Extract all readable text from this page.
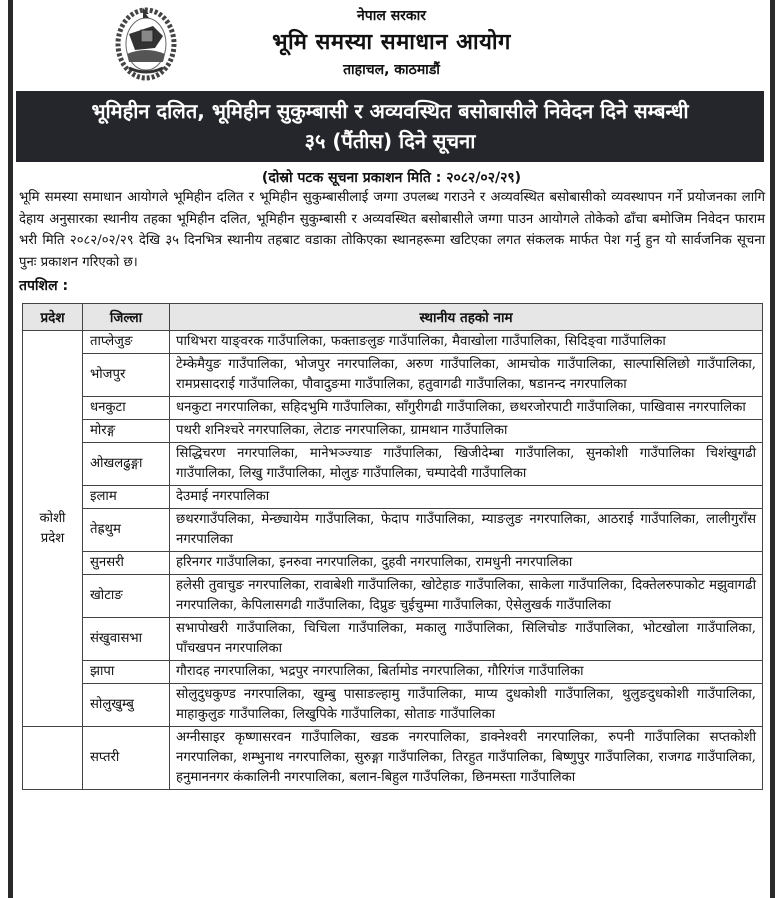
नेपाल सरकार
भूमि समस्या समाधान आयोग
ताहाचल, काठमाडौं
भूमिहीन दलित, भूमिहीन सुकुम्बासी र अव्यवस्थित बसोबासीले निवेदन दिने सम्बन्धी
३५ (पैंतीस) दिने सूचना
(दोस्रो पटक सूचना प्रकाशन मिति : २०८२/०२/२९)
भूमि समस्या समाधान आयोगले भूमिहीन दलित र भूमिहीन सुकुम्बासीलाई जग्गा उपलब्ध गराउने र अव्यवस्थित बसोबासीको व्यवस्थापन गर्ने प्रयोजनका लागि देहाय अनुसारका स्थानीय तहका भूमिहीन दलित, भूमिहीन सुकुम्बासी र अव्यवस्थित बसोबासीले जग्गा पाउन आयोगले तोकेको ढाँचा बमोजिम निवेदन फाराम भरी मिति २०८२/०२/२९ देखि ३५ दिनभित्र स्थानीय तहबाट वडाका तोकिएका स्थानहरूमा खटिएका लगत संकलक मार्फत पेश गर्नु हुन यो सार्वजनिक सूचना पुनः प्रकाशन गरिएको छ।
तपशिल :
प्रदेश	जिल्ला	स्थानीय तहको नाम
कोशी प्रदेश	ताप्लेजुङ	पाथिभरा याङ्वरक गाउँपालिका, फक्ताङलुङ गाउँपालिका, मैवाखोला गाउँपालिका, सिदिङ्वा गाउँपालिका
	भोजपुर	टेम्केमैयुङ गाउँपालिका, भोजपुर नगरपालिका, अरुण गाउँपालिका, आमचोक गाउँपालिका, साल्पासिलिछो गाउँपालिका, रामप्रसादराई गाउँपालिका, पौवादुङमा गाउँपालिका, हतुवागढी गाउँपालिका, षडानन्द नगरपालिका
	धनकुटा	धनकुटा नगरपालिका, सहिदभुमि गाउँपालिका, साँगुरीगढी गाउँपालिका, छथरजोरपाटी गाउँपालिका, पाखिवास नगरपालिका
	मोरङ्ग	पथरी शनिश्चरे नगरपालिका, लेटाङ नगरपालिका, ग्रामथान गाउँपालिका
	ओखलढुङ्गा	सिद्धिचरण नगरपालिका, मानेभञ्ज्याङ गाउँपालिका, खिजीदेम्बा गाउँपालिका, सुनकोशी गाउँपालिका चिशंखुगढी गाउँपालिका, लिखु गाउँपालिका, मोलुङ गाउँपालिका, चम्पादेवी गाउँपालिका
	इलाम	देउमाई नगरपालिका
	तेह्रथुम	छथरगाउँपलिका, मेन्छ्यायेम गाउँपालिका, फेदाप गाउँपालिका, म्याङलुङ नगरपालिका, आठराई गाउँपालिका, लालीगुराँस नगरपालिका
	सुनसरी	हरिनगर गाउँपालिका, इनरुवा नगरपालिका, दुहवी नगरपालिका, रामधुनी नगरपालिका
	खोटाङ	हलेसी तुवाचुङ नगरपालिका, रावाबेशी गाउँपालिका, खोटेहाङ गाउँपालिका, साकेला गाउँपालिका, दिक्तेलरुपाकोट मझुवागढी नगरपालिका, केपिलासगढी गाउँपालिका, दिप्रुङ चुईचुम्मा गाउँपालिका, ऐसेलुखर्क गाउँपालिका
	संखुवासभा	सभापोखरी गाउँपालिका, चिचिला गाउँपालिका, मकालु गाउँपालिका, सिलिचोङ गाउँपालिका, भोटखोला गाउँपालिका, पाँचखपन नगरपालिका
	झापा	गौरादह नगरपालिका, भद्रपुर नगरपालिका, बिर्तामोड नगरपालिका, गौरिगंज गाउँपालिका
	सोलुखुम्बु	सोलुदुधकुण्ड नगरपालिका, खुम्बु पासाङल्हामु गाउँपालिका, माप्य दुधकोशी गाउँपालिका, थुलुङदुधकोशी गाउँपालिका, माहाकुलुङ गाउँपालिका, लिखुपिके गाउँपालिका, सोताङ गाउँपालिका
	सप्तरी	अग्नीसाइर कृष्णासरवन गाउँपालिका, खडक नगरपालिका, डाक्नेश्वरी नगरपालिका, रुपनी गाउँपालिका सप्तकोशी नगरपालिका, शम्भुनाथ नगरपालिका, सुरुङ्गा गाउँपालिका, तिरहुत गाउँपालिका, बिष्णुपुर गाउँपालिका, राजगढ गाउँपालिका, हनुमाननगर कंकालिनी नगरपालिका, बलान-बिहुल गाउँपलिका, छिनमस्ता गाउँपालिका
